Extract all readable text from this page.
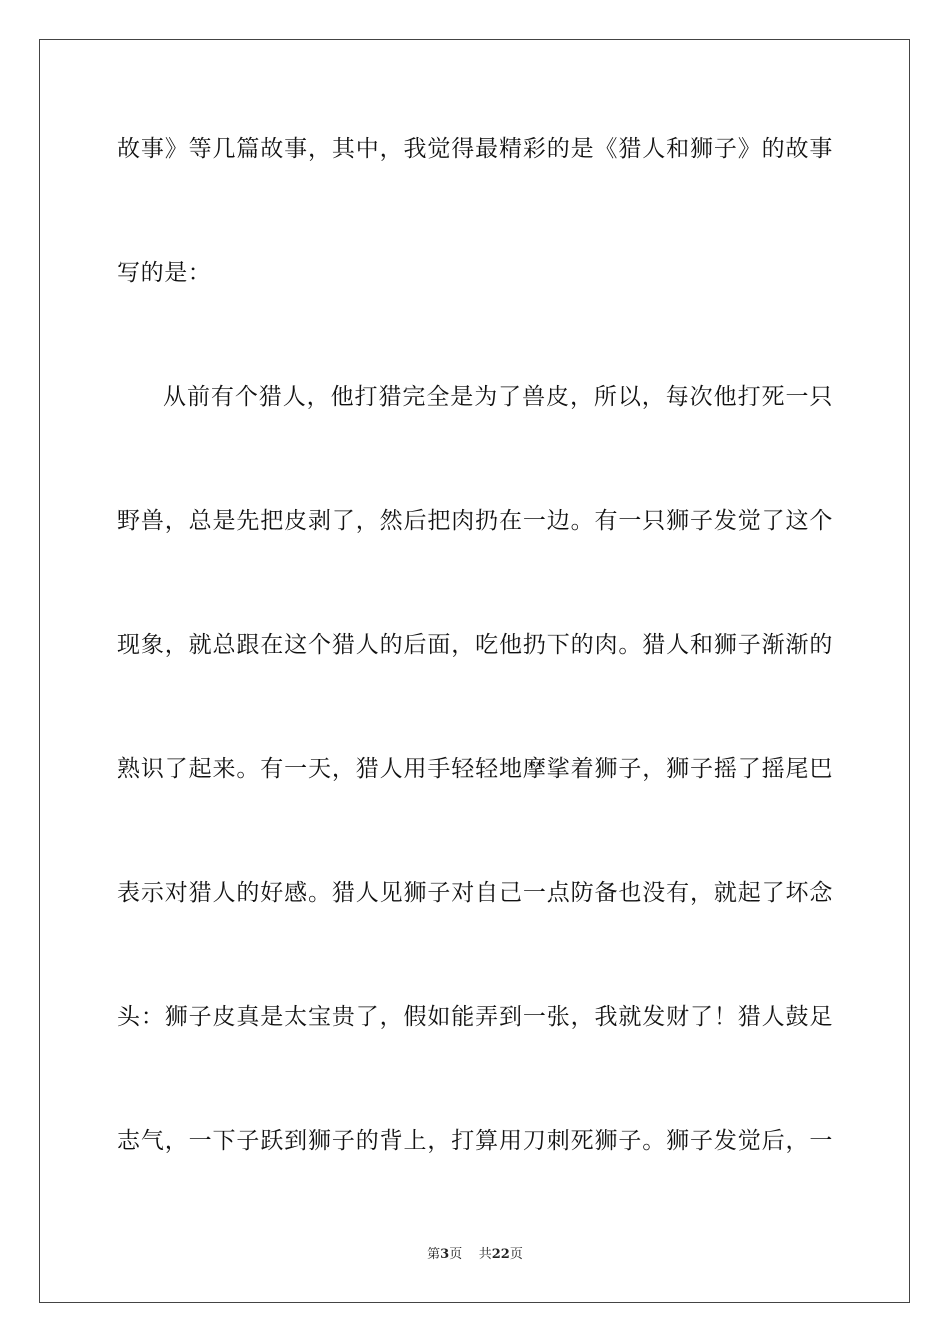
故事》等几篇故事，其中，我觉得最精彩的是《猎人和狮子》的故事
写的是：
从前有个猎人，他打猎完全是为了兽皮，所以，每次他打死一只
野兽，总是先把皮剥了，然后把肉扔在一边。有一只狮子发觉了这个
现象，就总跟在这个猎人的后面，吃他扔下的肉。猎人和狮子渐渐的
熟识了起来。有一天，猎人用手轻轻地摩挲着狮子，狮子摇了摇尾巴
表示对猎人的好感。猎人见狮子对自己一点防备也没有，就起了坏念
头：狮子皮真是太宝贵了，假如能弄到一张，我就发财了！猎人鼓足
志气，一下子跃到狮子的背上，打算用刀刺死狮子。狮子发觉后，一
第3页 共22页
